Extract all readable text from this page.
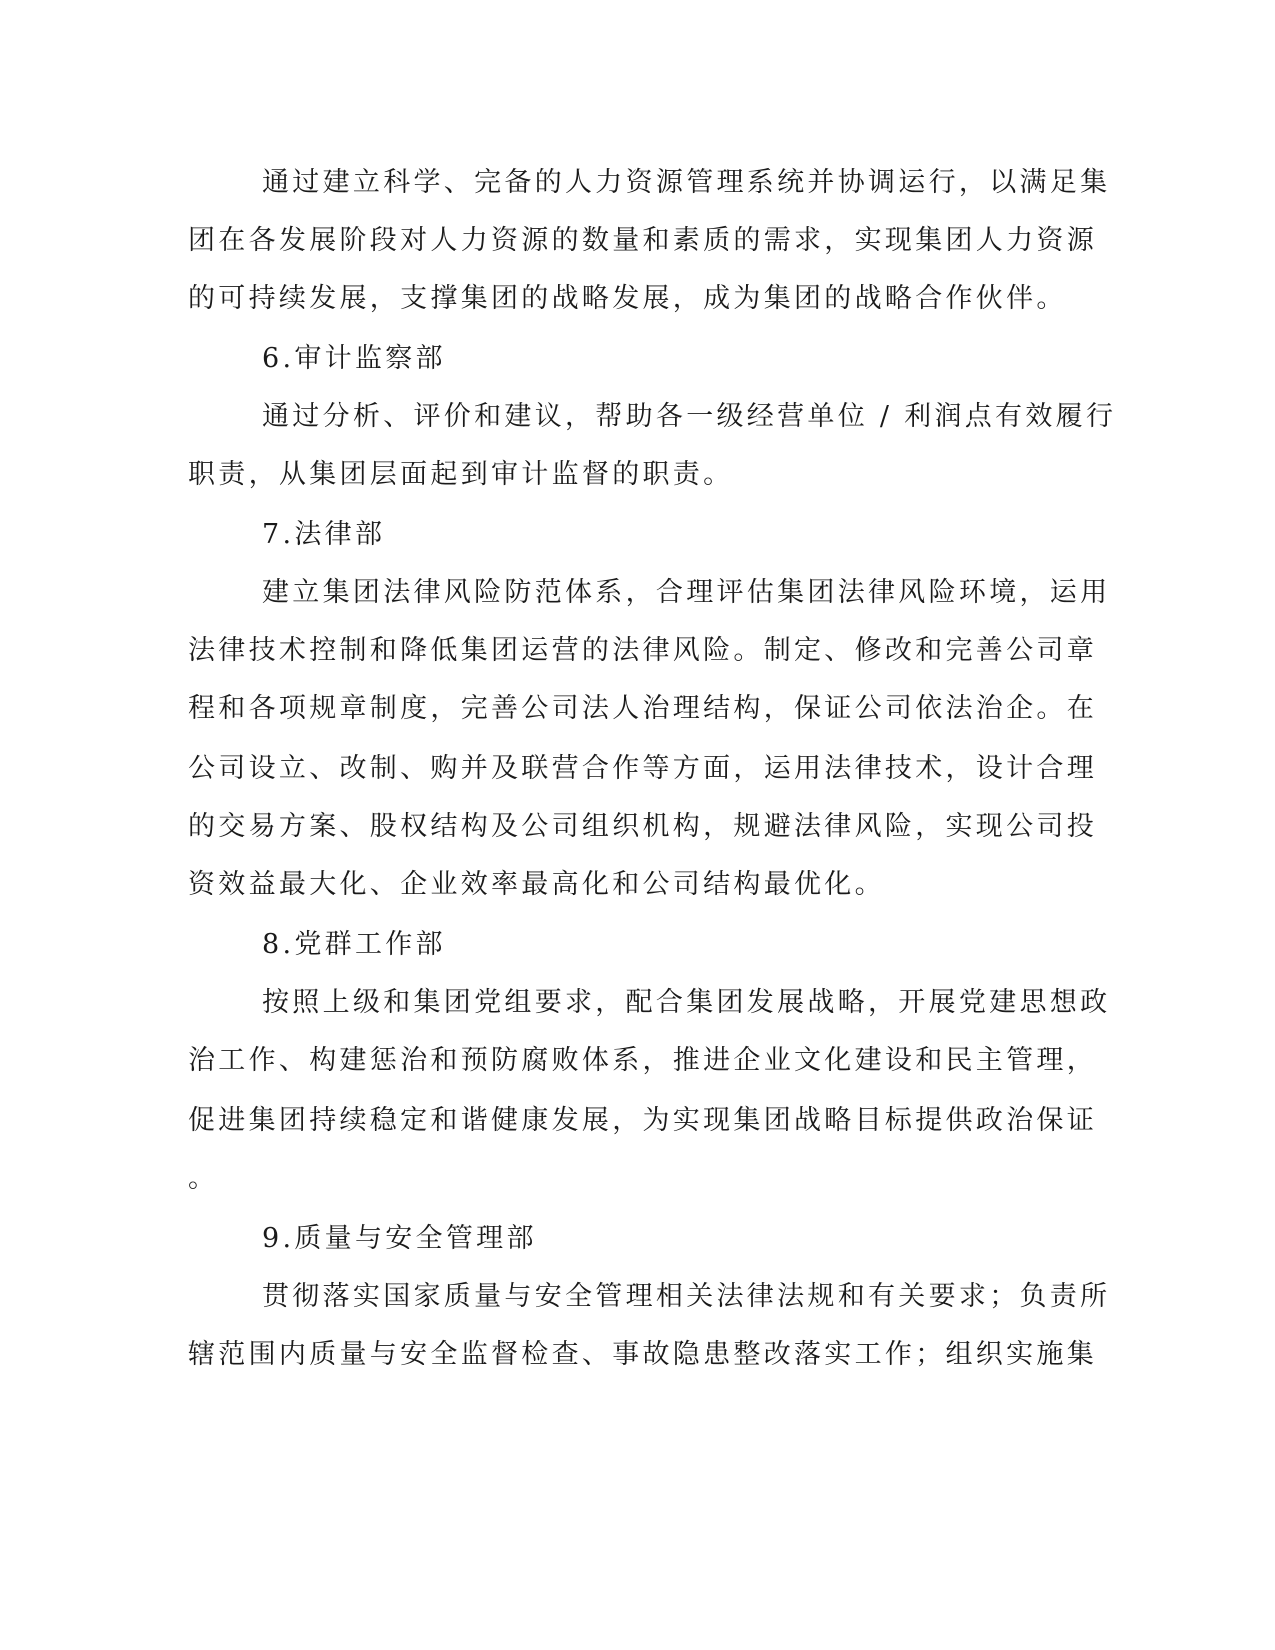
通过建立科学、完备的人力资源管理系统并协调运行，以满足集

团在各发展阶段对人力资源的数量和素质的需求，实现集团人力资源

的可持续发展，支撑集团的战略发展，成为集团的战略合作伙伴。

6.审计监察部

通过分析、评价和建议，帮助各一级经营单位 / 利润点有效履行

职责，从集团层面起到审计监督的职责。

7.法律部

建立集团法律风险防范体系，合理评估集团法律风险环境，运用

法律技术控制和降低集团运营的法律风险。制定、修改和完善公司章

程和各项规章制度，完善公司法人治理结构，保证公司依法治企。在

公司设立、改制、购并及联营合作等方面，运用法律技术，设计合理

的交易方案、股权结构及公司组织机构，规避法律风险，实现公司投

资效益最大化、企业效率最高化和公司结构最优化。

8.党群工作部

按照上级和集团党组要求，配合集团发展战略，开展党建思想政

治工作、构建惩治和预防腐败体系，推进企业文化建设和民主管理，

促进集团持续稳定和谐健康发展，为实现集团战略目标提供政治保证

。

9.质量与安全管理部

贯彻落实国家质量与安全管理相关法律法规和有关要求；负责所

辖范围内质量与安全监督检查、事故隐患整改落实工作；组织实施集
